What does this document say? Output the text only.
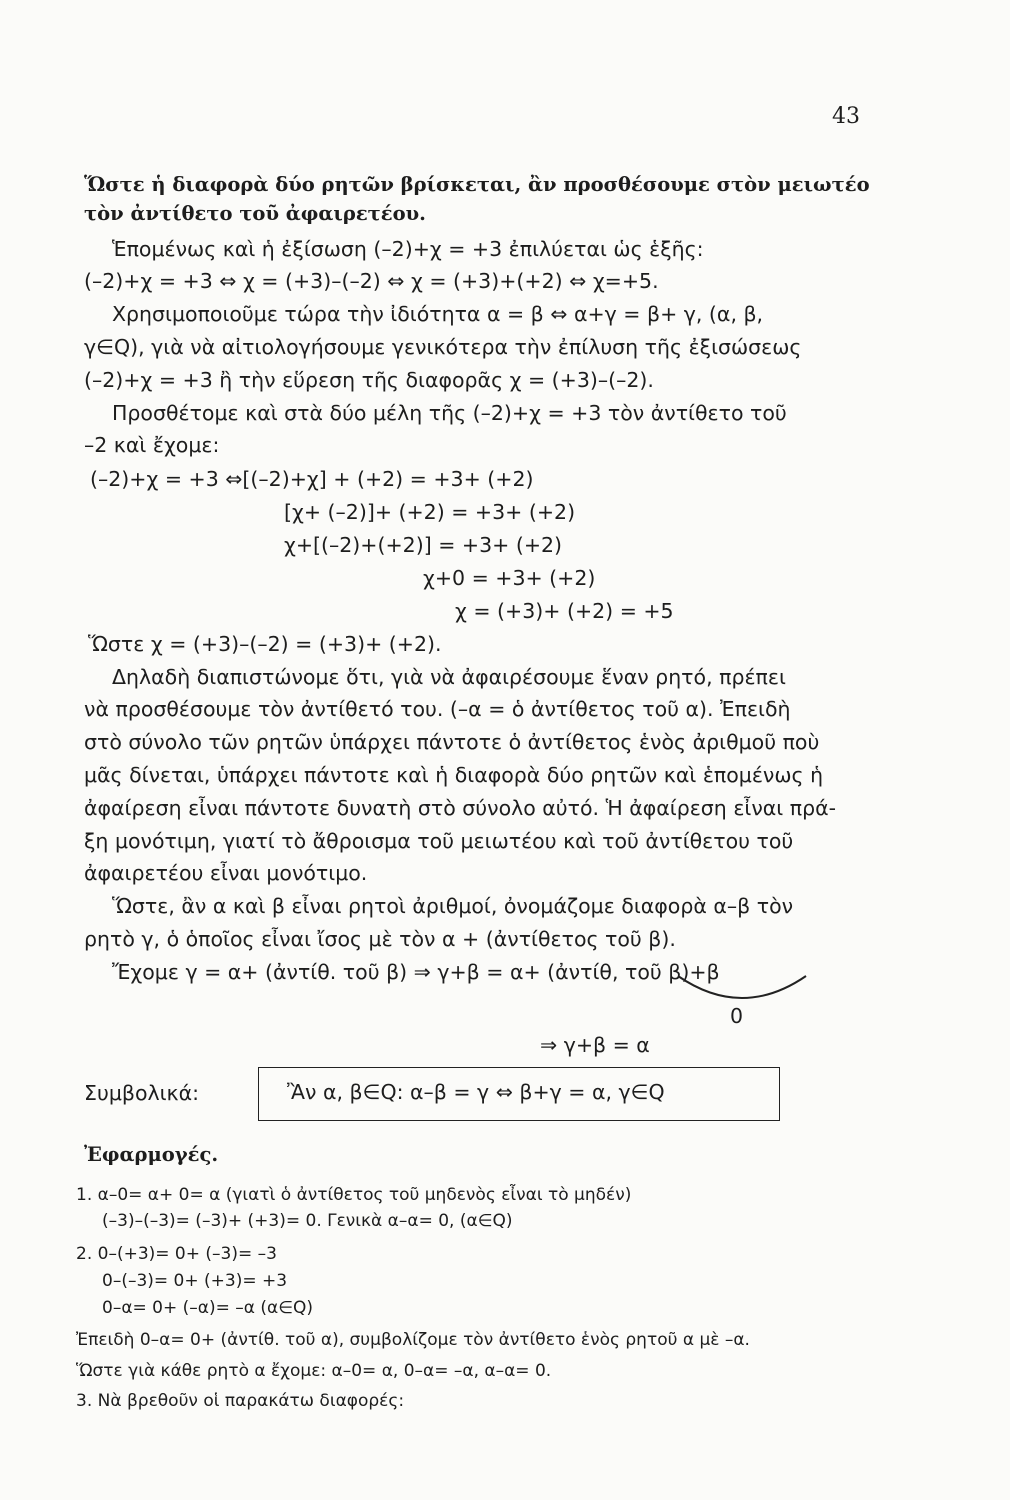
43
Ὥστε ἡ διαφορὰ δύο ρητῶν βρίσκεται, ἂν προσθέσουμε στὸν μειωτέο
τὸν ἀντίθετο τοῦ ἀφαιρετέου.
Ἑπομένως καὶ ἡ ἐξίσωση (–2)+χ = +3 ἐπιλύεται ὡς ἑξῆς:
(–2)+χ = +3 ⇔ χ = (+3)–(–2) ⇔ χ = (+3)+(+2) ⇔ χ=+5.
Χρησιμοποιοῦμε τώρα τὴν ἰδιότητα α = β ⇔ α+γ = β+ γ, (α, β,
γ∈Q), γιὰ νὰ αἰτιολογήσουμε γενικότερα τὴν ἐπίλυση τῆς ἐξισώσεως
(–2)+χ = +3 ἢ τὴν εὕρεση τῆς διαφορᾶς χ = (+3)–(–2).
Προσθέτομε καὶ στὰ δύο μέλη τῆς (–2)+χ = +3 τὸν ἀντίθετο τοῦ
–2 καὶ ἔχομε:
(–2)+χ = +3 ⇔[(–2)+χ] + (+2) = +3+ (+2)
[χ+ (–2)]+ (+2) = +3+ (+2)
χ+[(–2)+(+2)] = +3+ (+2)
χ+0 = +3+ (+2)
χ = (+3)+ (+2) = +5
Ὥστε χ = (+3)–(–2) = (+3)+ (+2).
Δηλαδὴ διαπιστώνομε ὅτι, γιὰ νὰ ἀφαιρέσουμε ἕναν ρητό, πρέπει
νὰ προσθέσουμε τὸν ἀντίθετό του. (–α = ὁ ἀντίθετος τοῦ α). Ἐπειδὴ
στὸ σύνολο τῶν ρητῶν ὑπάρχει πάντοτε ὁ ἀντίθετος ἑνὸς ἀριθμοῦ ποὺ
μᾶς δίνεται, ὑπάρχει πάντοτε καὶ ἡ διαφορὰ δύο ρητῶν καὶ ἑπομένως ἡ
ἀφαίρεση εἶναι πάντοτε δυνατὴ στὸ σύνολο αὐτό. Ἡ ἀφαίρεση εἶναι πρά-
ξη μονότιμη, γιατί τὸ ἄθροισμα τοῦ μειωτέου καὶ τοῦ ἀντίθετου τοῦ
ἀφαιρετέου εἶναι μονότιμο.
Ὥστε, ἂν α καὶ β εἶναι ρητοὶ ἀριθμοί, ὀνομάζομε διαφορὰ α–β τὸν
ρητὸ γ, ὁ ὁποῖος εἶναι ἴσος μὲ τὸν α + (ἀντίθετος τοῦ β).
Ἔχομε γ = α+ (ἀντίθ. τοῦ β) ⇒ γ+β = α+ (ἀντίθ, τοῦ β)+β
0
⇒ γ+β = α
Συμβολικά:	Ἂν α, β∈Q: α–β = γ ⇔ β+γ = α, γ∈Q
Ἐφαρμογές.
1. α–0= α+ 0= α (γιατὶ ὁ ἀντίθετος τοῦ μηδενὸς εἶναι τὸ μηδέν)
(–3)–(–3)= (–3)+ (+3)= 0. Γενικὰ α–α= 0, (α∈Q)
2. 0–(+3)= 0+ (–3)= –3
0–(–3)= 0+ (+3)= +3
0–α= 0+ (–α)= –α (α∈Q)
Ἐπειδὴ 0–α= 0+ (ἀντίθ. τοῦ α), συμβολίζομε τὸν ἀντίθετο ἑνὸς ρητοῦ α μὲ –α.
Ὥστε γιὰ κάθε ρητὸ α ἔχομε: α–0= α, 0–α= –α, α–α= 0.
3. Νὰ βρεθοῦν οἱ παρακάτω διαφορές:
